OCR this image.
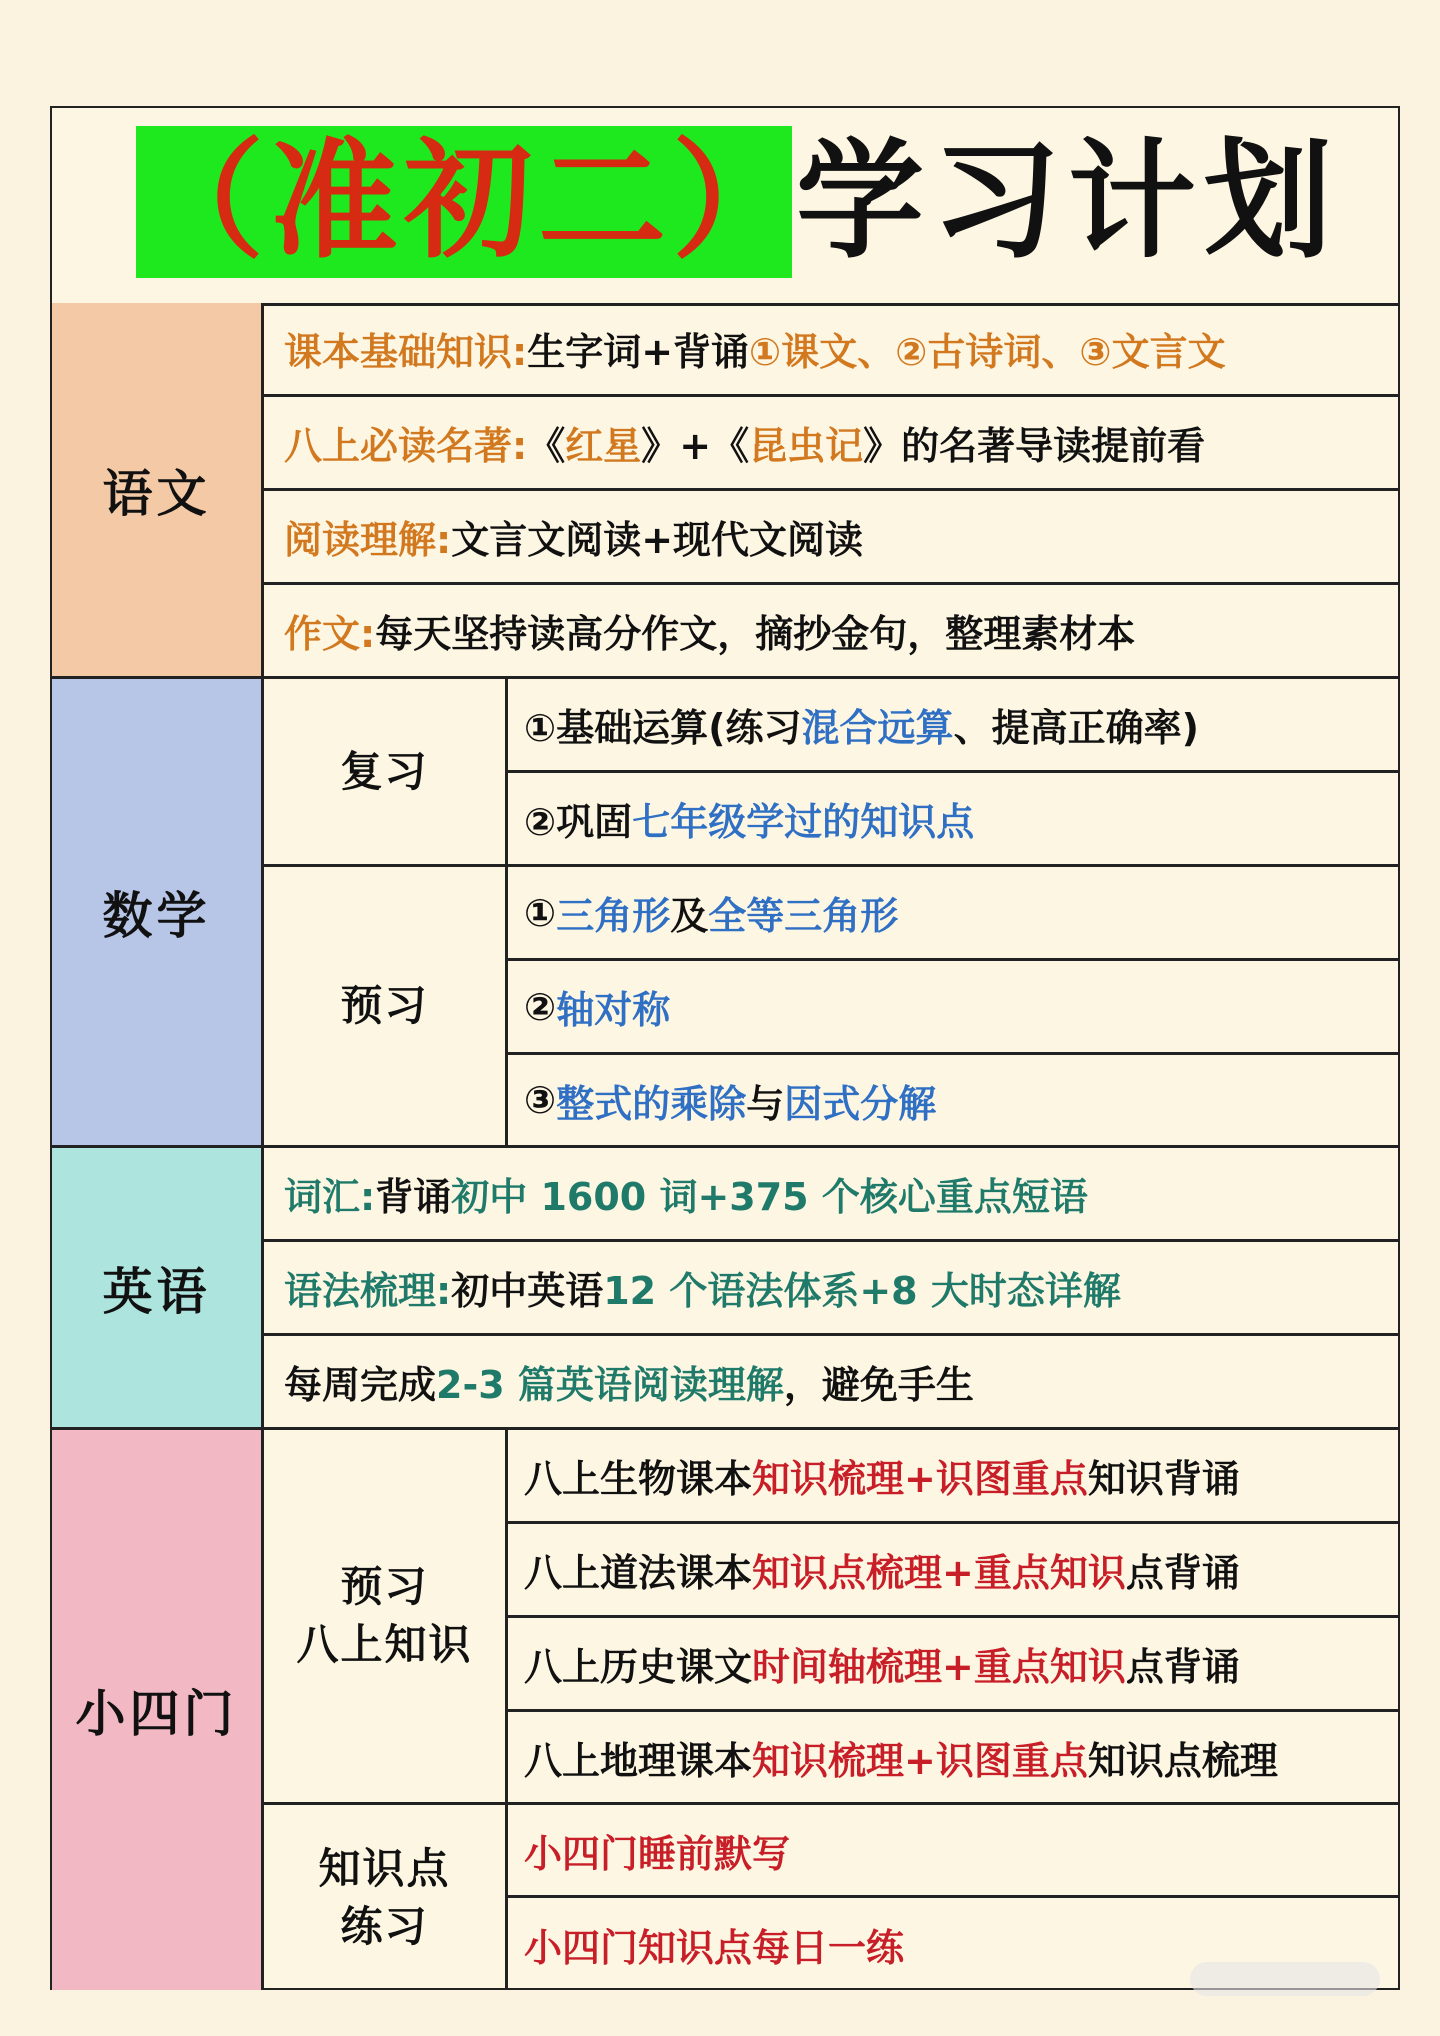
（准初二）
学习计划
语文
课本基础知识: 生字词+背诵 ①课文、②古诗词、③文言文
八上必读名著: 《 红星 》+《 昆虫记 》的名著导读提前看
阅读理解: 文言文阅读+现代文阅读
作文: 每天坚持读高分作文，摘抄金句，整理素材本
数学
复习
预习
①基础运算(练习 混合远算 、提高正确率)
②巩固 七年级学过的知识点
① 三角形 及 全等三角形
② 轴对称
③ 整式的乘除 与 因式分解
英语
词汇: 背诵 初中 1600 词+375 个核心重点短语
语法梳理: 初中英语 12 个语法体系+8 大时态详解
每周完成 2-3 篇英语阅读理解 ，避免手生
小四门
预习
八上知识
知识点
练习
八上生物课本 知识梳理+识图重点 知识背诵
八上道法课本 知识点梳理+重点知识 点背诵
八上历史课文 时间轴梳理+重点知识 点背诵
八上地理课本 知识梳理+识图重点 知识点梳理
小四门睡前默写
小四门知识点每日一练
